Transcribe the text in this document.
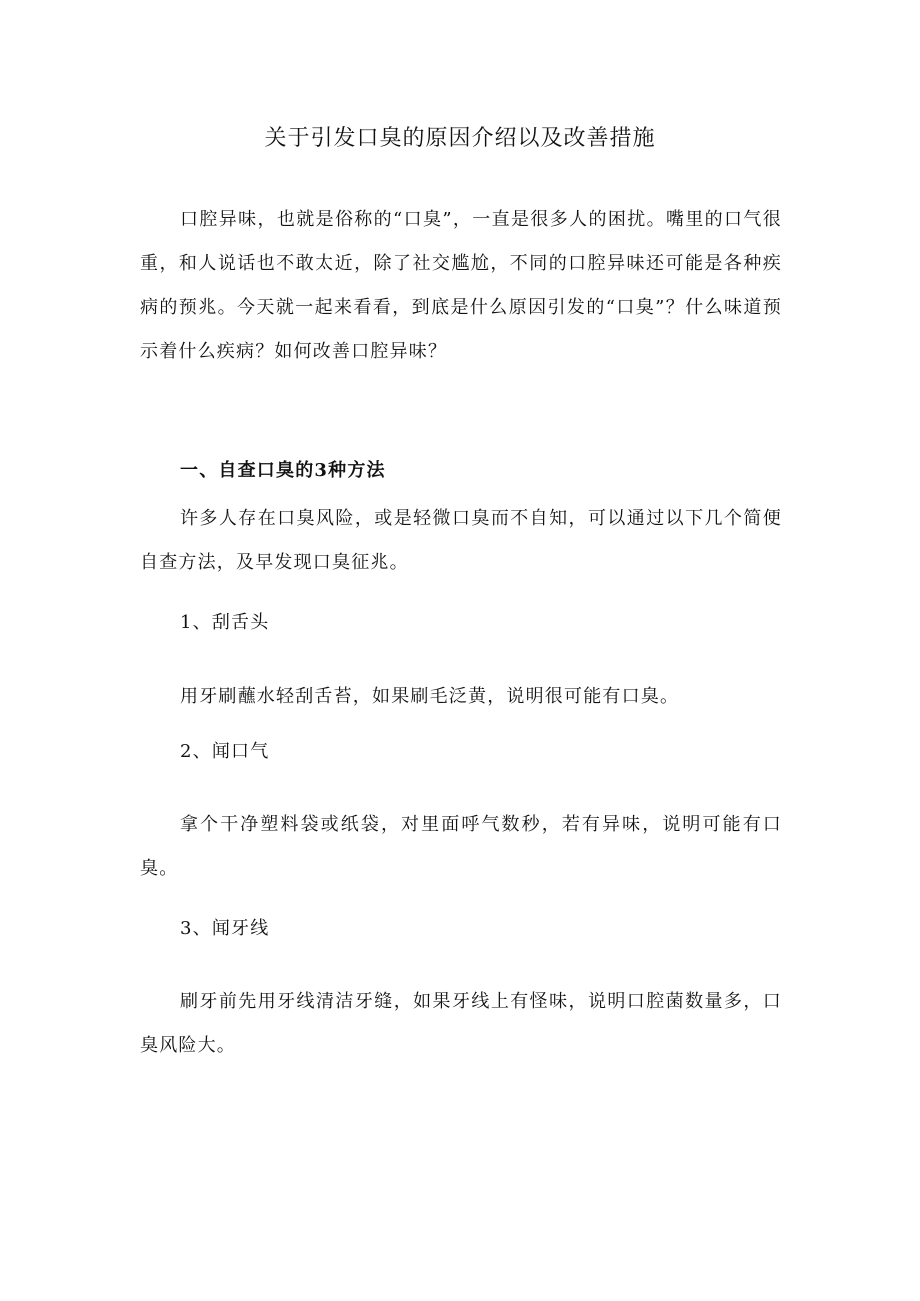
关于引发口臭的原因介绍以及改善措施

口腔异味，也就是俗称的“口臭”，一直是很多人的困扰。嘴里的口气很重，和人说话也不敢太近，除了社交尴尬，不同的口腔异味还可能是各种疾病的预兆。今天就一起来看看，到底是什么原因引发的“口臭”？什么味道预示着什么疾病？如何改善口腔异味？

一、自查口臭的3种方法

许多人存在口臭风险，或是轻微口臭而不自知，可以通过以下几个简便自查方法，及早发现口臭征兆。

1、刮舌头
用牙刷蘸水轻刮舌苔，如果刷毛泛黄，说明很可能有口臭。
2、闻口气

拿个干净塑料袋或纸袋，对里面呼气数秒，若有异味，说明可能有口臭。

3、闻牙线

刷牙前先用牙线清洁牙缝，如果牙线上有怪味，说明口腔菌数量多，口臭风险大。
